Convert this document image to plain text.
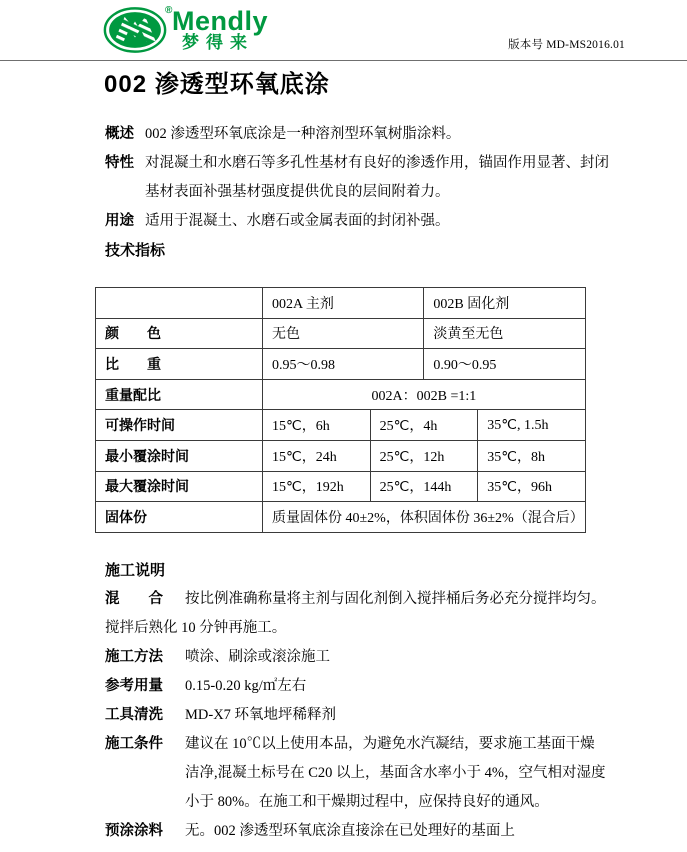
® Mendly
梦得来	版本号 MD-MS2016.01
002 渗透型环氧底涂
概述 002 渗透型环氧底涂是一种溶剂型环氧树脂涂料。
特性 对混凝土和水磨石等多孔性基材有良好的渗透作用，锚固作用显著、封闭
基材表面补强基材强度提供优良的层间附着力。
用途 适用于混凝土、水磨石或金属表面的封闭补强。
技术指标
	002A 主剂		002B 固化剂	
颜　　色	无色		淡黄至无色	
比　　重	0.95～0.98		0.90～0.95	
重量配比	002A：002B =1:1			
可操作时间	15℃，6h	25℃，4h		35℃, 1.5h
最小覆涂时间	15℃，24h	25℃，12h		35℃，8h
最大覆涂时间	15℃，192h	25℃，144h		35℃，96h
固体份	质量固体份 40±2%，体积固体份 36±2%（混合后）			
施工说明
混　　合	按比例准确称量将主剂与固化剂倒入搅拌桶后务必充分搅拌均匀。
搅拌后熟化 10 分钟再施工。
施工方法	喷涂、刷涂或滚涂施工
参考用量	0.15-0.20 kg/㎡左右
工具清洗	MD-X7 环氧地坪稀释剂
施工条件	建议在 10℃以上使用本品，为避免水汽凝结，要求施工基面干燥
洁净,混凝土标号在 C20 以上，基面含水率小于 4%，空气相对湿度
小于 80%。在施工和干燥期过程中，应保持良好的通风。
预涂涂料	无。002 渗透型环氧底涂直接涂在已处理好的基面上
